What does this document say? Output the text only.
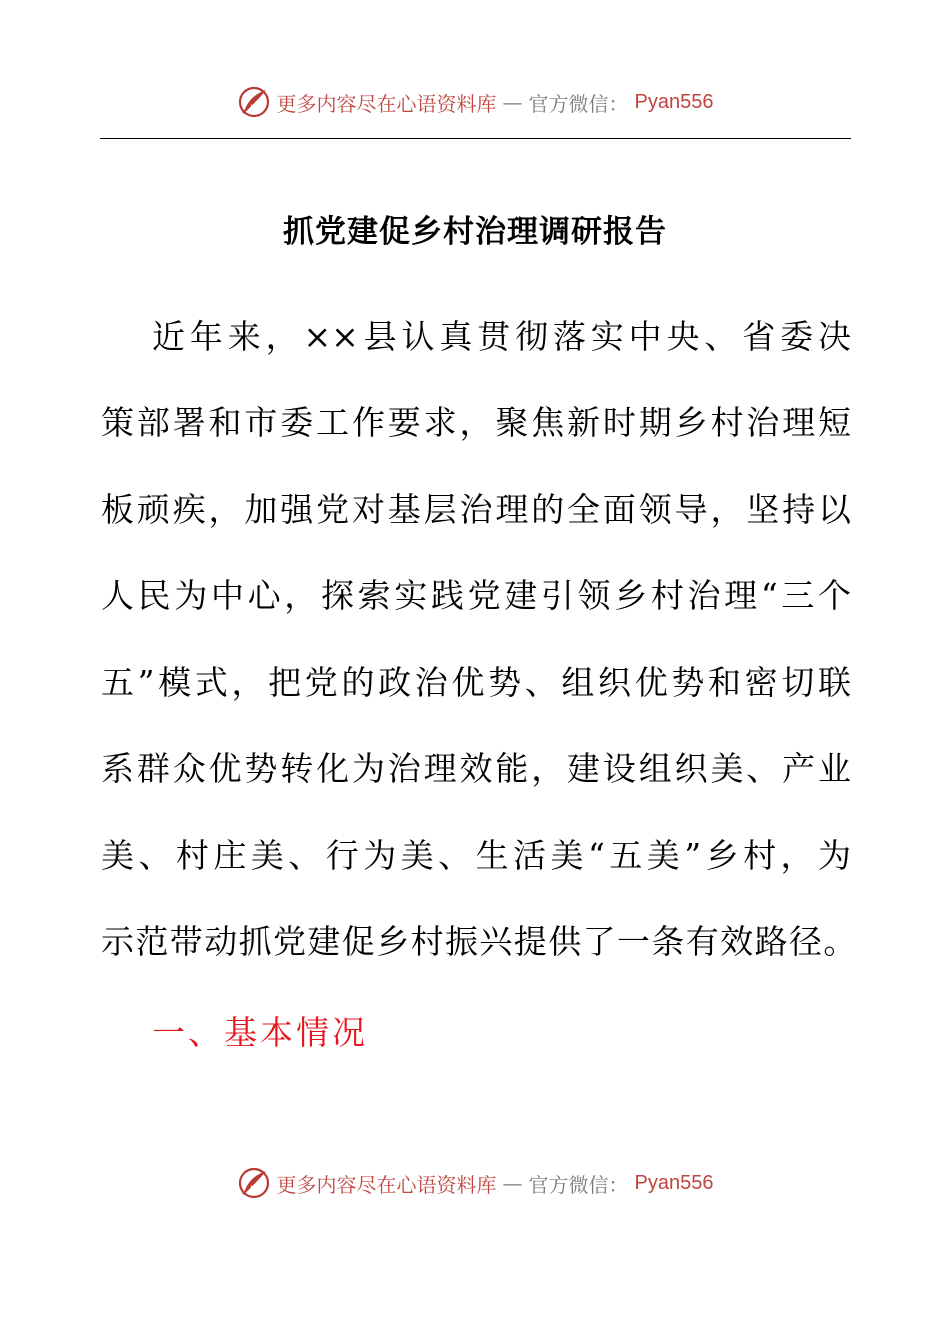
更多内容尽在心语资料库 — 官方微信： Pyan556
抓党建促乡村治理调研报告
近年来，××县认真贯彻落实中央、省委决
策部署和市委工作要求，聚焦新时期乡村治理短
板顽疾，加强党对基层治理的全面领导，坚持以
人民为中心，探索实践党建引领乡村治理“三个
五”模式，把党的政治优势、组织优势和密切联
系群众优势转化为治理效能，建设组织美、产业
美、村庄美、行为美、生活美“五美”乡村，为
示范带动抓党建促乡村振兴提供了一条有效路径。
一、基本情况
更多内容尽在心语资料库 — 官方微信： Pyan556
